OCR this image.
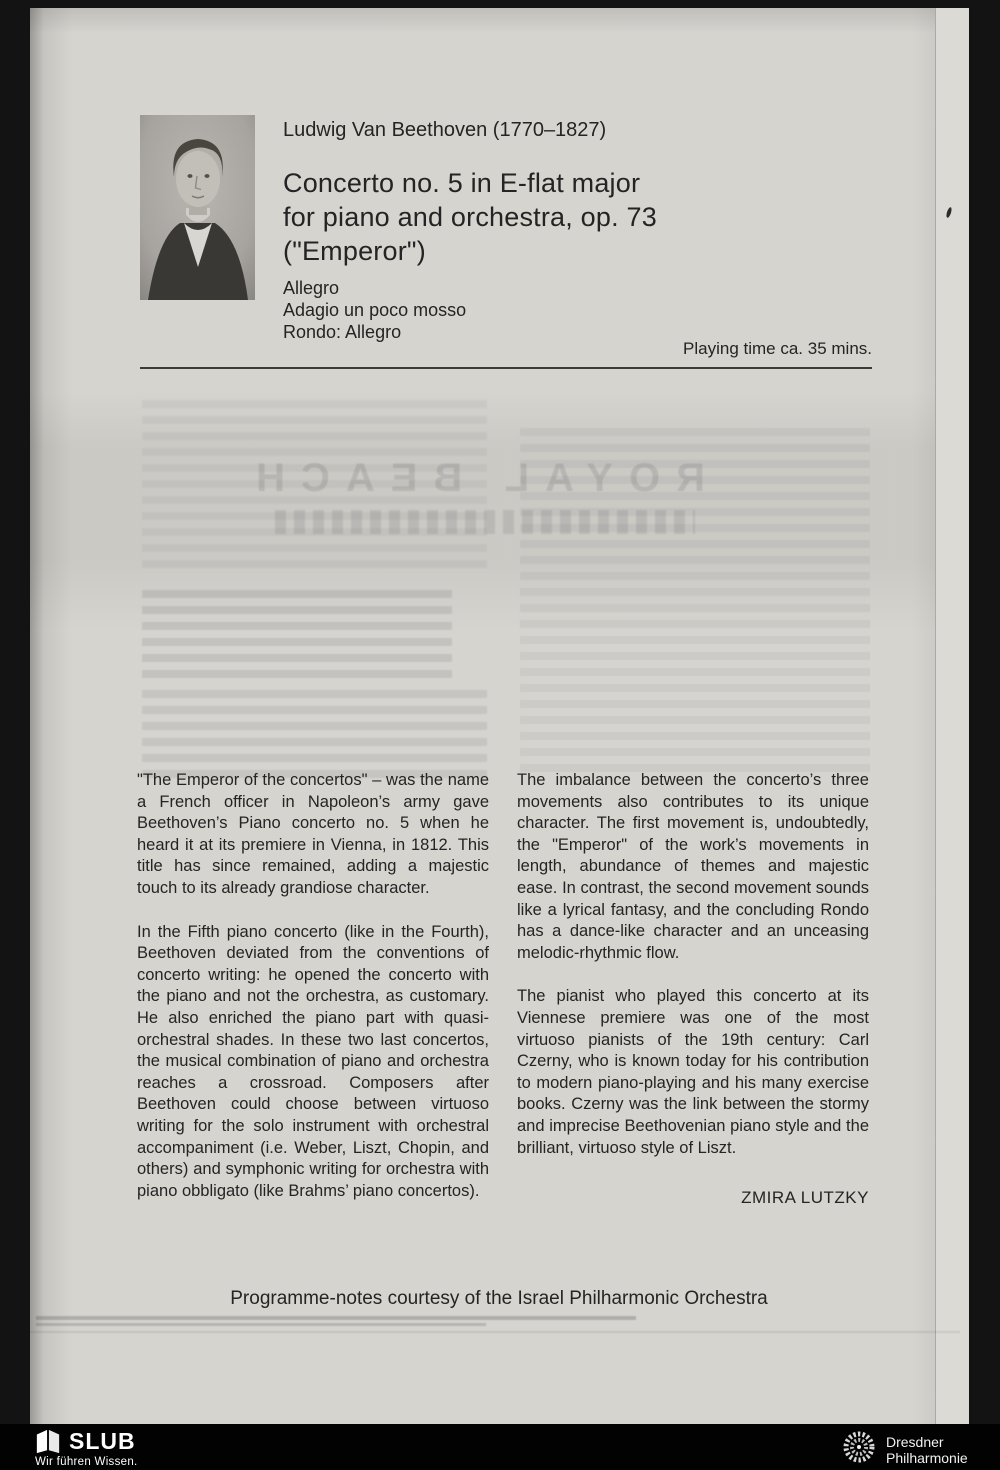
Ludwig Van Beethoven (1770–1827)

Concerto no. 5 in E-flat major
for piano and orchestra, op. 73
("Emperor")
Allegro
Adagio un poco mosso
Rondo: Allegro
Playing time ca. 35 mins.
ROYAL BEACH

"The Emperor of the concertos" – was the name a French officer in Napoleon’s army gave Beethoven’s Piano concerto no. 5 when he heard it at its premiere in Vienna, in 1812. This title has since remained, adding a majestic touch to its already grandiose character.

In the Fifth piano concerto (like in the Fourth), Beethoven deviated from the conventions of concerto writing: he opened the concerto with the piano and not the orchestra, as customary. He also enriched the piano part with quasi-orchestral shades. In these two last concertos, the musical combination of piano and orchestra reaches a crossroad. Composers after Beethoven could choose between virtuoso writing for the solo instrument with orchestral accompaniment (i.e. Weber, Liszt, Chopin, and others) and symphonic writing for orchestra with piano obbligato (like Brahms’ piano concertos).

The imbalance between the concerto’s three movements also contributes to its unique character. The first movement is, undoubtedly, the "Emperor" of the work’s movements in length, abundance of themes and majestic ease. In contrast, the second movement sounds like a lyrical fantasy, and the concluding Rondo has a dance-like character and an unceasing melodic-rhythmic flow.

The pianist who played this concerto at its Viennese premiere was one of the most virtuoso pianists of the 19th century: Carl Czerny, who is known today for his contribution to modern piano-playing and his many exercise books. Czerny was the link between the stormy and imprecise Beethovenian piano style and the brilliant, virtuoso style of Liszt.

ZMIRA LUTZKY
Programme-notes courtesy of the Israel Philharmonic Orchestra
SLUB
Wir führen Wissen.
Dresdner
Philharmonie
